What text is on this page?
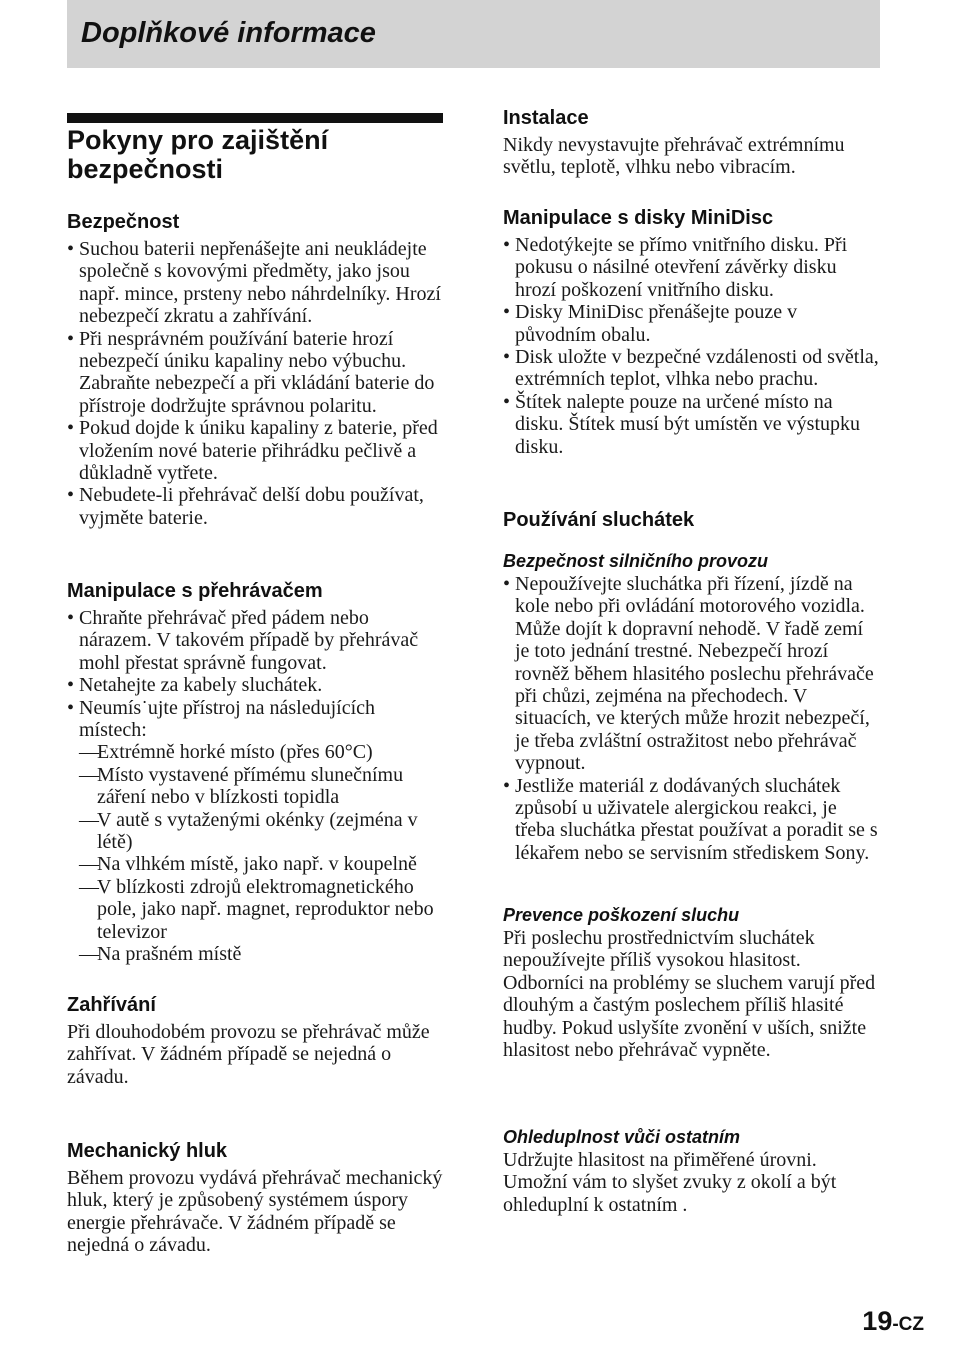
Doplňkové informace
Pokyny pro zajištění bezpečnosti
Bezpečnost
• Suchou baterii nepřenášejte ani neukládejte společně s kovovými předměty, jako jsou např. mince, prsteny nebo náhrdelníky. Hrozí nebezpečí zkratu a zahřívání.
• Při nesprávném používání baterie hrozí nebezpečí úniku kapaliny nebo výbuchu. Zabraňte nebezpečí a při vkládání baterie do přístroje dodržujte správnou polaritu.
• Pokud dojde k úniku kapaliny z baterie, před vložením nové baterie přihrádku pečlivě a důkladně vytřete.
• Nebudete-li přehrávač delší dobu používat, vyjměte baterie.
Manipulace s přehrávačem
• Chraňte přehrávač před pádem nebo nárazem. V takovém případě by přehrávač mohl přestat správně fungovat.
• Netahejte za kabely sluchátek.
• Neumís˙ujte přístroj na následujících místech:
— Extrémně horké místo (přes 60°C)
— Místo vystavené přímému slunečnímu záření nebo v blízkosti topidla
— V autě s vytaženými okénky (zejména v létě)
— Na vlhkém místě, jako např. v koupelně
— V blízkosti zdrojů elektromagnetického pole, jako např. magnet, reproduktor nebo televizor
— Na prašném místě
Zahřívání

Při dlouhodobém provozu se přehrávač může zahřívat. V žádném případě se nejedná o závadu.

Mechanický hluk

Během provozu vydává přehrávač mechanický hluk, který je způsobený systémem úspory energie přehrávače. V žádném případě se nejedná o závadu.

Instalace

Nikdy nevystavujte přehrávač extrémnímu světlu, teplotě, vlhku nebo vibracím.

Manipulace s disky MiniDisc
• Nedotýkejte se přímo vnitřního disku. Při pokusu o násilné otevření závěrky disku hrozí poškození vnitřního disku.
• Disky MiniDisc přenášejte pouze v původním obalu.
• Disk uložte v bezpečné vzdálenosti od světla, extrémních teplot, vlhka nebo prachu.
• Štítek nalepte pouze na určené místo na disku. Štítek musí být umístěn ve výstupku disku.
Používání sluchátek
Bezpečnost silničního provozu
• Nepoužívejte sluchátka při řízení, jízdě na kole nebo při ovládání motorového vozidla. Může dojít k dopravní nehodě. V řadě zemí je toto jednání trestné. Nebezpečí hrozí rovněž během hlasitého poslechu přehrávače při chůzi, zejména na přechodech. V situacích, ve kterých může hrozit nebezpečí, je třeba zvláštní ostražitost nebo přehrávač vypnout.
• Jestliže materiál z dodávaných sluchátek způsobí u uživatele alergickou reakci, je třeba sluchátka přestat používat a poradit se s lékařem nebo se servisním střediskem Sony.
Prevence poškození sluchu

Při poslechu prostřednictvím sluchátek nepoužívejte příliš vysokou hlasitost. Odborníci na problémy se sluchem varují před dlouhým a častým poslechem příliš hlasité hudby. Pokud uslyšíte zvonění v uších, snižte hlasitost nebo přehrávač vypněte.

Ohleduplnost vůči ostatním

Udržujte hlasitost na přiměřené úrovni. Umožní vám to slyšet zvuky z okolí a být ohleduplní k ostatním .

19-CZ
